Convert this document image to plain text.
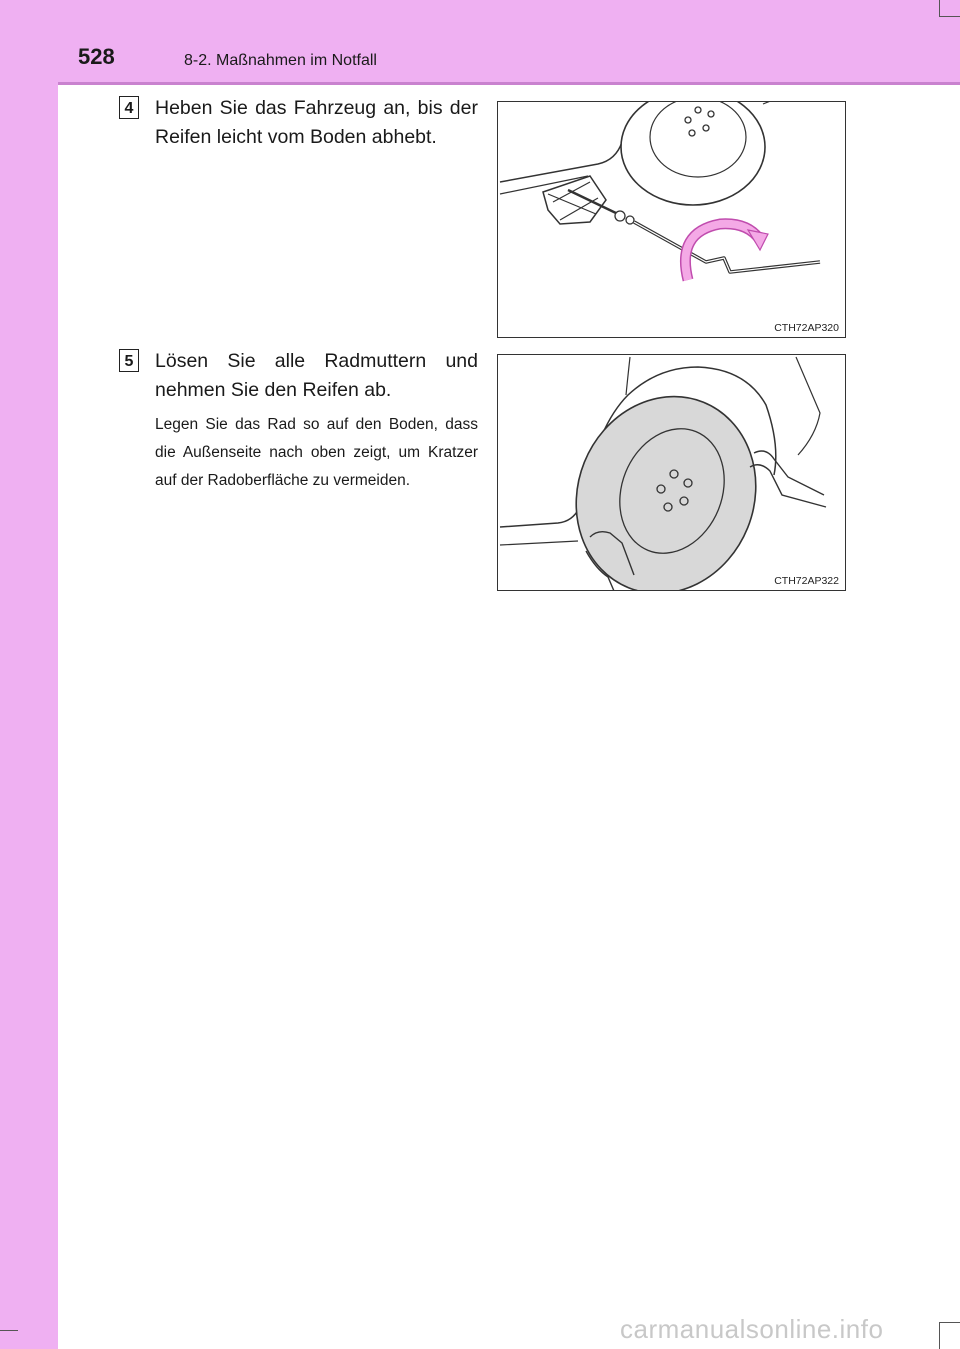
528	8-2. Maßnahmen im Notfall
4 Heben Sie das Fahrzeug an, bis der Reifen leicht vom Boden abhebt.
CTH72AP320
5 Lösen Sie alle Radmuttern und nehmen Sie den Reifen ab.
Legen Sie das Rad so auf den Boden, dass die Außenseite nach oben zeigt, um Kratzer auf der Radoberfläche zu vermeiden.
CTH72AP322
carmanualsonline.info
